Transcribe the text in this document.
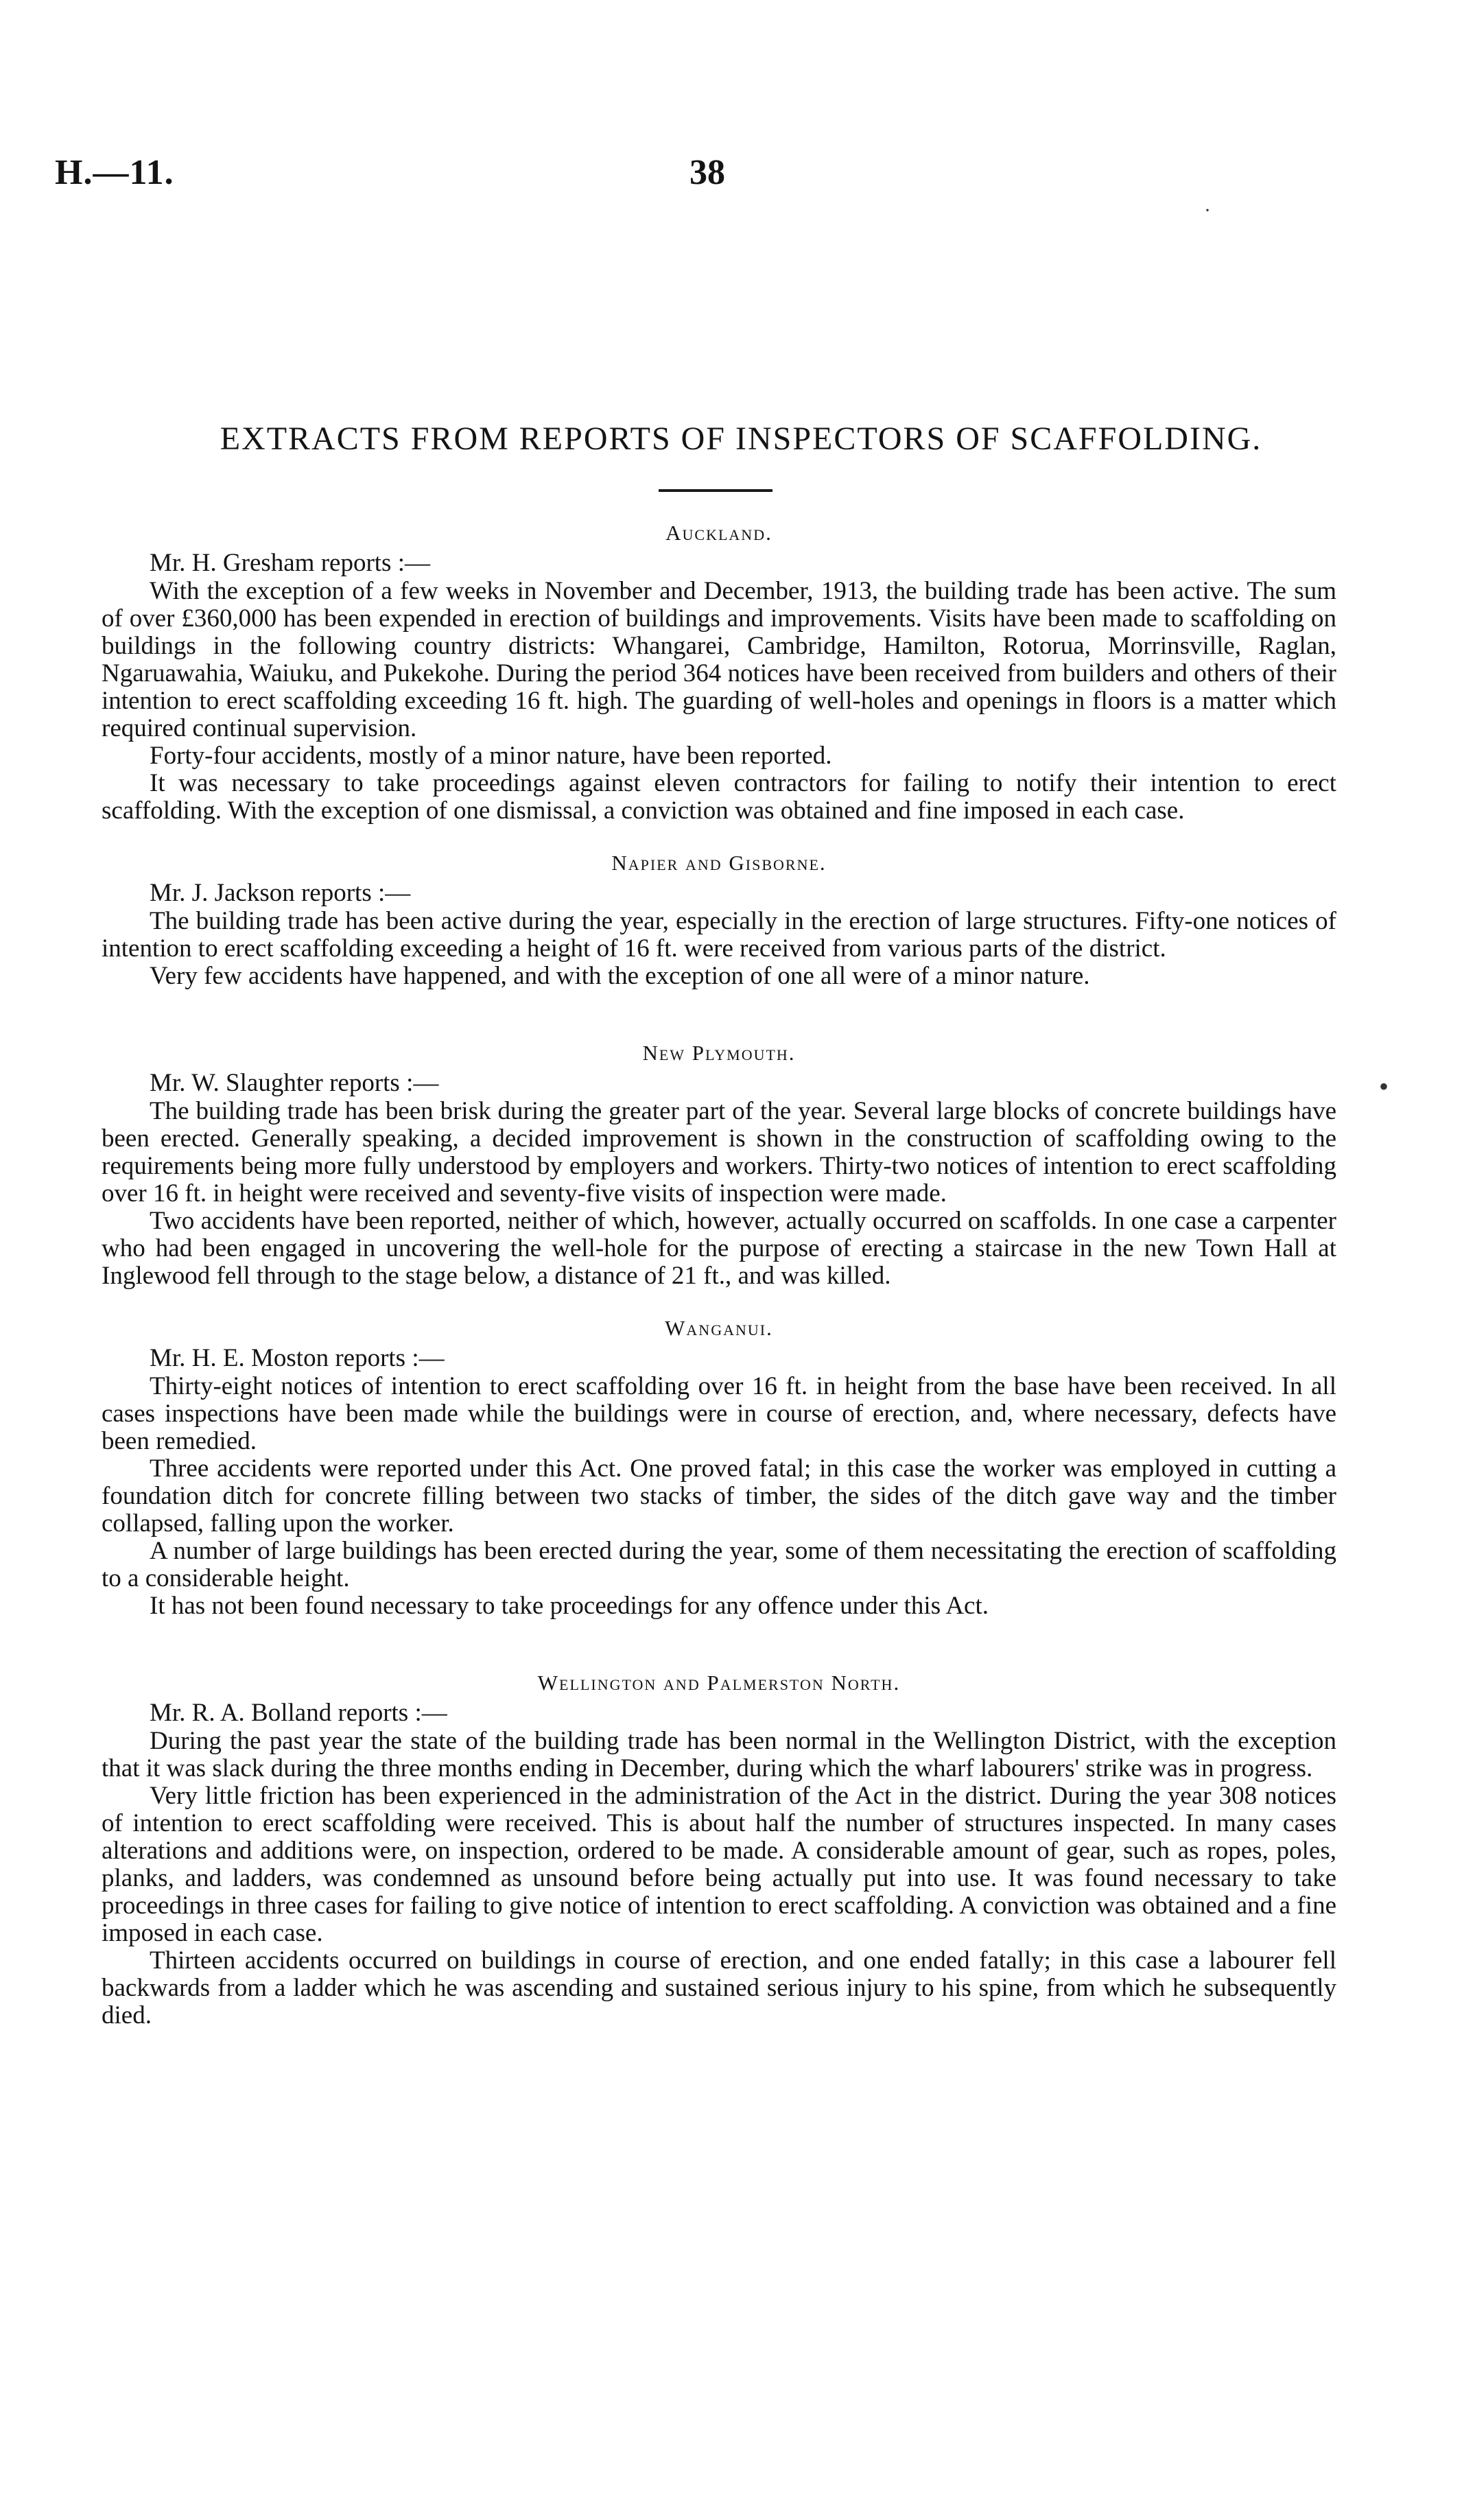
H.—11.	38
EXTRACTS FROM REPORTS OF INSPECTORS OF SCAFFOLDING.
Auckland.
Mr. H. Gresham reports :—

With the exception of a few weeks in November and December, 1913, the building trade has been active. The sum of over £360,000 has been expended in erection of buildings and improvements. Visits have been made to scaffolding on buildings in the following country districts: Whangarei, Cambridge, Hamilton, Rotorua, Morrinsville, Raglan, Ngaruawahia, Waiuku, and Pukekohe. During the period 364 notices have been received from builders and others of their intention to erect scaffolding exceeding 16 ft. high. The guarding of well-holes and openings in floors is a matter which required continual supervision.

Forty-four accidents, mostly of a minor nature, have been reported.

It was necessary to take proceedings against eleven contractors for failing to notify their intention to erect scaffolding. With the exception of one dismissal, a conviction was obtained and fine imposed in each case.

Napier and Gisborne.
Mr. J. Jackson reports :—

The building trade has been active during the year, especially in the erection of large structures. Fifty-one notices of intention to erect scaffolding exceeding a height of 16 ft. were received from various parts of the district.

Very few accidents have happened, and with the exception of one all were of a minor nature.

New Plymouth.
Mr. W. Slaughter reports :—

The building trade has been brisk during the greater part of the year. Several large blocks of concrete buildings have been erected. Generally speaking, a decided improvement is shown in the construction of scaffolding owing to the requirements being more fully understood by employers and workers. Thirty-two notices of intention to erect scaffolding over 16 ft. in height were received and seventy-five visits of inspection were made.

Two accidents have been reported, neither of which, however, actually occurred on scaffolds. In one case a carpenter who had been engaged in uncovering the well-hole for the purpose of erecting a staircase in the new Town Hall at Inglewood fell through to the stage below, a distance of 21 ft., and was killed.

Wanganui.
Mr. H. E. Moston reports :—

Thirty-eight notices of intention to erect scaffolding over 16 ft. in height from the base have been received. In all cases inspections have been made while the buildings were in course of erection, and, where necessary, defects have been remedied.

Three accidents were reported under this Act. One proved fatal; in this case the worker was employed in cutting a foundation ditch for concrete filling between two stacks of timber, the sides of the ditch gave way and the timber collapsed, falling upon the worker.

A number of large buildings has been erected during the year, some of them necessitating the erection of scaffolding to a considerable height.

It has not been found necessary to take proceedings for any offence under this Act.

Wellington and Palmerston North.
Mr. R. A. Bolland reports :—

During the past year the state of the building trade has been normal in the Wellington District, with the exception that it was slack during the three months ending in December, during which the wharf labourers' strike was in progress.

Very little friction has been experienced in the administration of the Act in the district. During the year 308 notices of intention to erect scaffolding were received. This is about half the number of structures inspected. In many cases alterations and additions were, on inspection, ordered to be made. A considerable amount of gear, such as ropes, poles, planks, and ladders, was condemned as unsound before being actually put into use. It was found necessary to take proceedings in three cases for failing to give notice of intention to erect scaffolding. A conviction was obtained and a fine imposed in each case.

Thirteen accidents occurred on buildings in course of erection, and one ended fatally; in this case a labourer fell backwards from a ladder which he was ascending and sustained serious injury to his spine, from which he subsequently died.

·
•
